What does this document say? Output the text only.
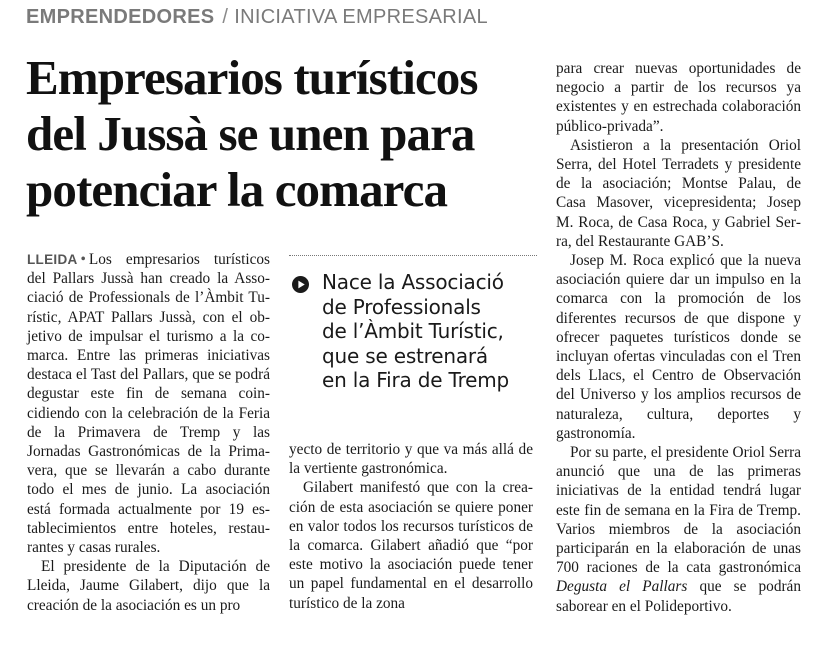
EMPRENDEDORES / INICIATIVA EMPRESARIAL
Empresarios turísticos
del Jussà se unen para
potenciar la comarca

LLEIDA • Los empresarios turísticos del Pallars Jussà han creado la Associació de Professionals de l’Àmbit Turístic, APAT Pallars Jussà, con el objetivo de impulsar el turismo a la comarca. Entre las primeras iniciativas destaca el Tast del Pallars, que se podrá degustar este fin de semana coincidiendo con la celebración de la Feria de la Primavera de Tremp y las Jornadas Gastronómicas de la Primavera, que se llevarán a cabo durante todo el mes de junio. La asociación está formada actualmente por 19 establecimientos entre hoteles, restaurantes y casas rurales.

El presidente de la Diputación de Lleida, Jaume Gilabert, dijo que la creación de la asociación es un pro

Nace la Associació
de Professionals
de l’Àmbit Turístic,
que se estrenará
en la Fira de Tremp

yecto de territorio y que va más allá de la vertiente gastronómica.

Gilabert manifestó que con la creación de esta asociación se quiere poner en valor todos los recursos turísticos de la comarca. Gilabert añadió que “por este motivo la asociación puede tener un papel fundamental en el desarrollo turístico de la zona

para crear nuevas oportunidades de negocio a partir de los recursos ya existentes y en estrechada colaboración público-privada”.

Asistieron a la presentación Oriol Serra, del Hotel Terradets y presidente de la asociación; Montse Palau, de Casa Masover, vicepresidenta; Josep M. Roca, de Casa Roca, y Gabriel Serra, del Restaurante GAB’S.

Josep M. Roca explicó que la nueva asociación quiere dar un impulso en la comarca con la promoción de los diferentes recursos de que dispone y ofrecer paquetes turísticos donde se incluyan ofertas vinculadas con el Tren dels Llacs, el Centro de Observación del Universo y los amplios recursos de naturaleza, cultura, deportes y gastronomía.

Por su parte, el presidente Oriol Serra anunció que una de las primeras iniciativas de la entidad tendrá lugar este fin de semana en la Fira de Tremp. Varios miembros de la asociación participarán en la elaboración de unas 700 raciones de la cata gastronómica Degusta el Pallars que se podrán saborear en el Polideportivo.
